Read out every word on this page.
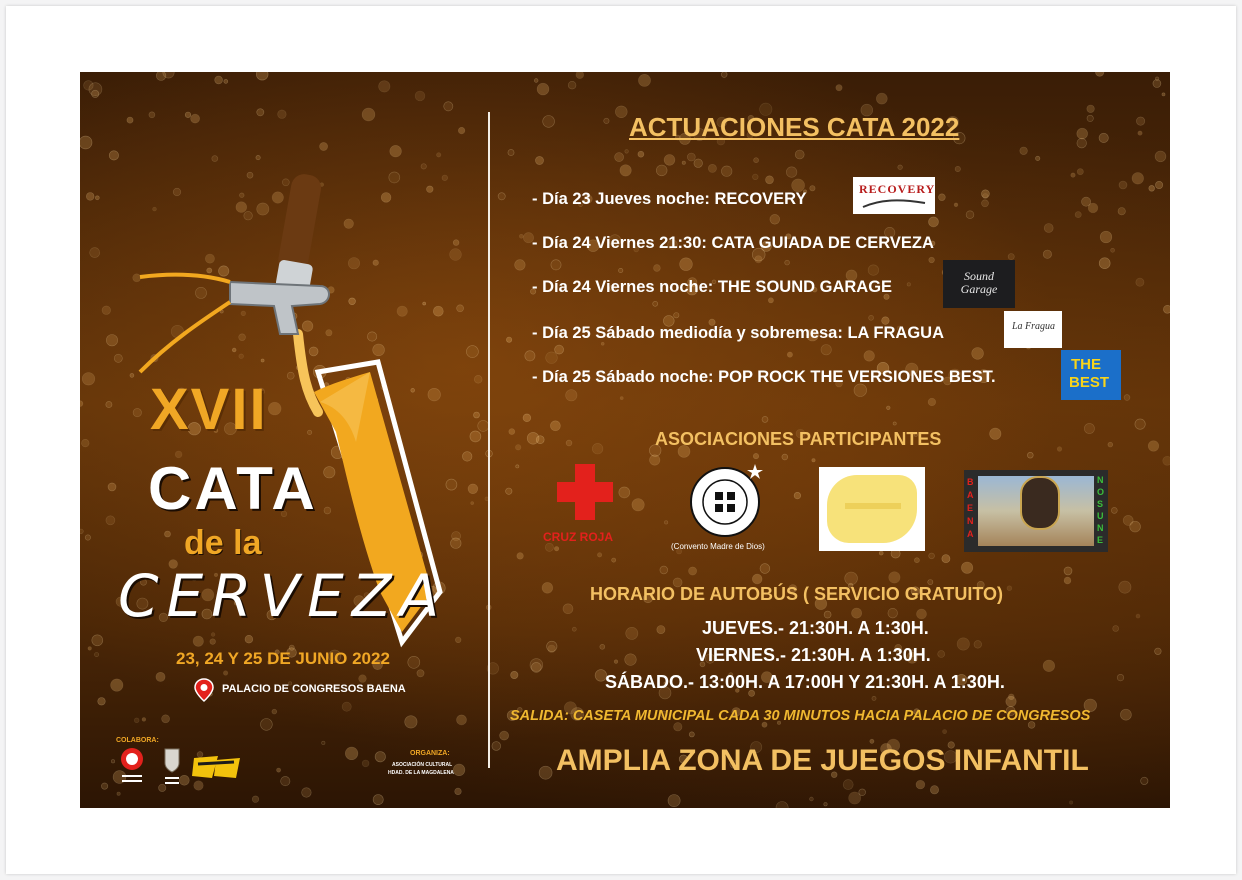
XVII
CATA
de la
CERVEZA
23, 24 Y 25 DE JUNIO 2022
PALACIO DE CONGRESOS BAENA
COLABORA:
ORGANIZA:
ASOCIACIÓN CULTURAL
HDAD. DE LA MAGDALENA
ACTUACIONES CATA 2022
- Día 23 Jueves noche: RECOVERY
- Día 24 Viernes 21:30: CATA GUIADA DE CERVEZA
- Día 24 Viernes noche: THE SOUND GARAGE
- Día 25 Sábado mediodía y sobremesa: LA FRAGUA
- Día 25 Sábado noche: POP ROCK THE VERSIONES BEST.
RECOVERY
Sound Garage
La Fragua
THE
BEST
ASOCIACIONES PARTICIPANTES
CRUZ ROJA
(Convento Madre de Dios)
BAENA
NOSUNE
HORARIO DE AUTOBÚS ( SERVICIO GRATUITO)
JUEVES.- 21:30H. A 1:30H.
VIERNES.- 21:30H. A 1:30H.
SÁBADO.- 13:00H. A 17:00H Y 21:30H. A 1:30H.
SALIDA: CASETA MUNICIPAL CADA 30 MINUTOS HACIA PALACIO DE CONGRESOS
AMPLIA ZONA DE JUEGOS INFANTIL
